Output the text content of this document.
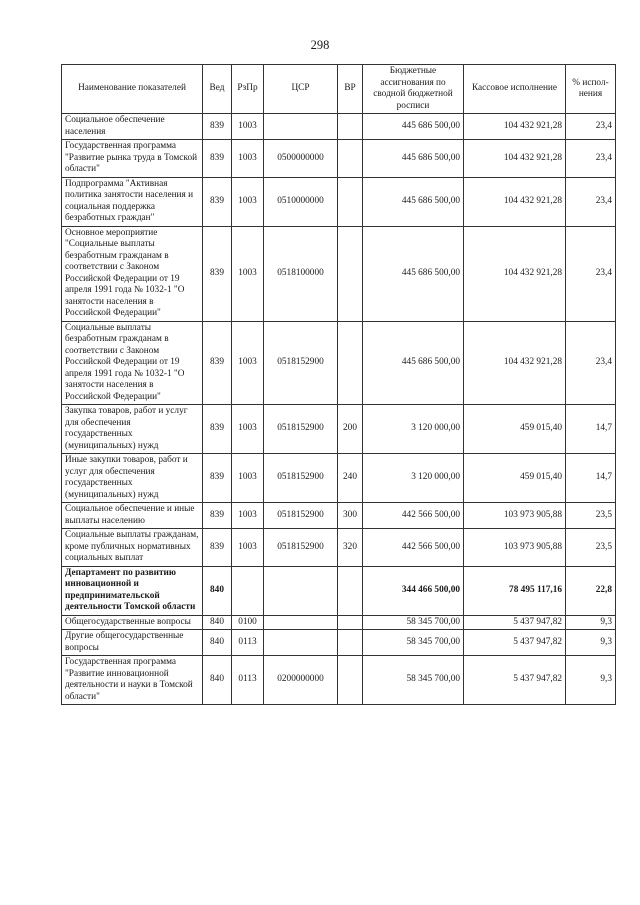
298
Наименование показателей	Вед	РзПр	ЦСР	ВР	Бюджетные ассигнования по сводной бюджетной росписи	Кассовое исполнение	% испол-нения
Социальное обеспечение населения	839	1003			445 686 500,00	104 432 921,28	23,4
Государственная программа "Развитие рынка труда в Томской области"	839	1003	0500000000		445 686 500,00	104 432 921,28	23,4
Подпрограмма "Активная политика занятости населения и социальная поддержка безработных граждан"	839	1003	0510000000		445 686 500,00	104 432 921,28	23,4
Основное мероприятие "Социальные выплаты безработным гражданам в соответствии с Законом Российской Федерации от 19 апреля 1991 года № 1032-1 "О занятости населения в Российской Федерации"	839	1003	0518100000		445 686 500,00	104 432 921,28	23,4
Социальные выплаты безработным гражданам в соответствии с Законом Российской Федерации от 19 апреля 1991 года № 1032-1 "О занятости населения в Российской Федерации"	839	1003	0518152900		445 686 500,00	104 432 921,28	23,4
Закупка товаров, работ и услуг для обеспечения государственных (муниципальных) нужд	839	1003	0518152900	200	3 120 000,00	459 015,40	14,7
Иные закупки товаров, работ и услуг для обеспечения государственных (муниципальных) нужд	839	1003	0518152900	240	3 120 000,00	459 015,40	14,7
Социальное обеспечение и иные выплаты населению	839	1003	0518152900	300	442 566 500,00	103 973 905,88	23,5
Социальные выплаты гражданам, кроме публичных нормативных социальных выплат	839	1003	0518152900	320	442 566 500,00	103 973 905,88	23,5
Департамент по развитию инновационной и предпринимательской деятельности Томской области	840				344 466 500,00	78 495 117,16	22,8
Общегосударственные вопросы	840	0100			58 345 700,00	5 437 947,82	9,3
Другие общегосударственные вопросы	840	0113			58 345 700,00	5 437 947,82	9,3
Государственная программа "Развитие инновационной деятельности и науки в Томской области"	840	0113	0200000000		58 345 700,00	5 437 947,82	9,3
